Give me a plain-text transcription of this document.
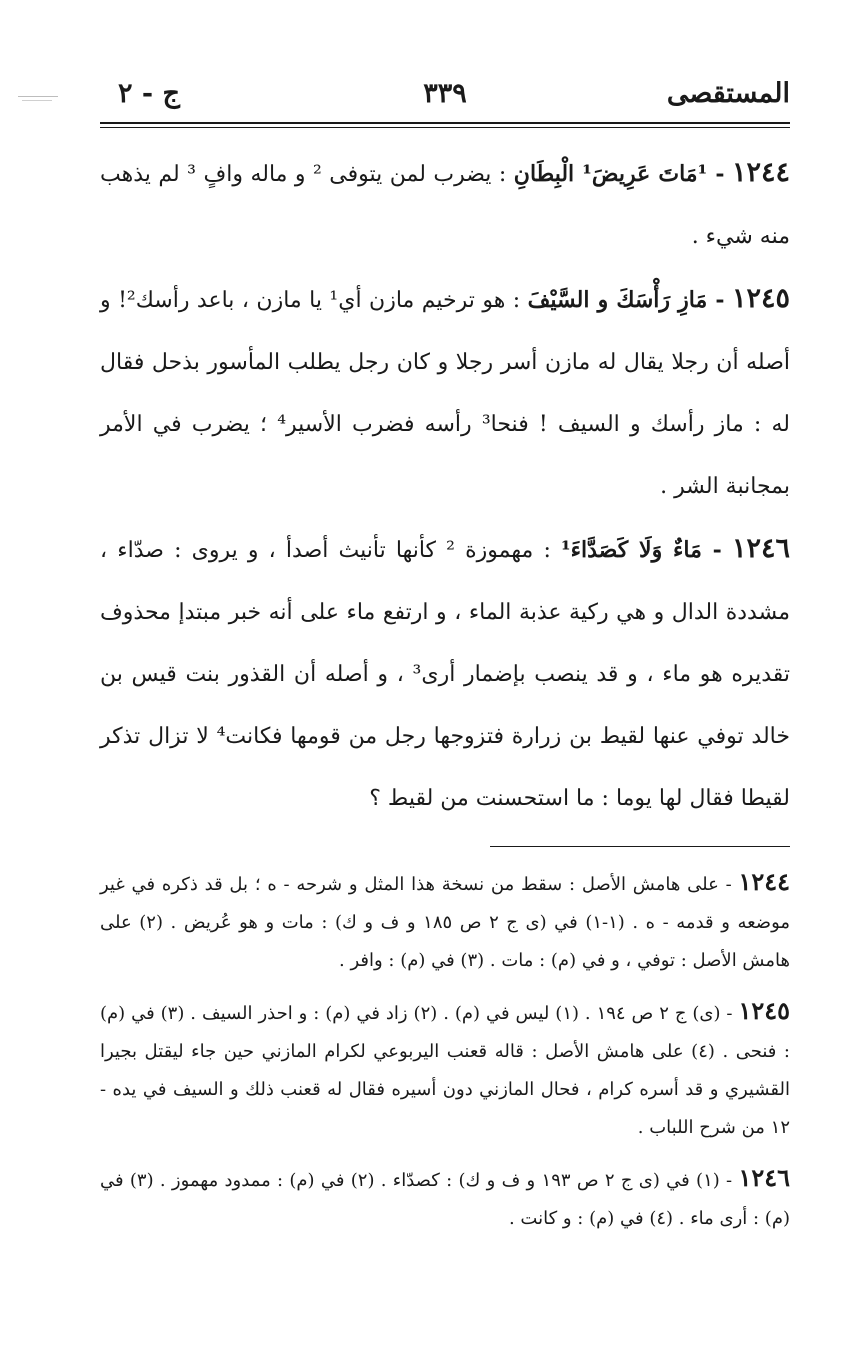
المستقصى
٣٣٩
ج - ٢

١٢٤٤ - ¹مَاتَ عَرِيضَ¹ الْبِطَانِ : يضرب لمن يتوفى ² و ماله وافٍ ³ لم يذهب منه شيء .

١٢٤٥ - مَازِ رَأْسَكَ و السَّيْفَ : هو ترخيم مازن أي¹ يا مازن ، باعد رأسك²! و أصله أن رجلا يقال له مازن أسر رجلا و كان رجل يطلب المأسور بذحل فقال له : ماز رأسك و السيف ! فنحا³ رأسه فضرب الأسير⁴ ؛ يضرب في الأمر بمجانبة الشر .

١٢٤٦ - مَاءٌ وَلَا كَصَدَّاءَ¹ : مهموزة ² كأنها تأنيث أصدأ ، و يروى : صدّاء ، مشددة الدال و هي ركية عذبة الماء ، و ارتفع ماء على أنه خبر مبتدإ محذوف تقديره هو ماء ، و قد ينصب بإضمار أرى³ ، و أصله أن القذور بنت قيس بن خالد توفي عنها لقيط بن زرارة فتزوجها رجل من قومها فكانت⁴ لا تزال تذكر لقيطا فقال لها يوما : ما استحسنت من لقيط ؟

١٢٤٤ - على هامش الأصل : سقط من نسخة هذا المثل و شرحه - ه ؛ بل قد ذكره في غير موضعه و قدمه - ه . (١-١) في (ى ج ٢ ص ١٨٥ و ف و ك) : مات و هو عُريض . (٢) على هامش الأصل : توفي ، و في (م) : مات . (٣) في (م) : وافر .

١٢٤٥ - (ى) ج ٢ ص ١٩٤ . (١) ليس في (م) . (٢) زاد في (م) : و احذر السيف . (٣) في (م) : فنحى . (٤) على هامش الأصل : قاله قعنب اليربوعي لكرام المازني حين جاء ليقتل بجيرا القشيري و قد أسره كرام ، فحال المازني دون أسيره فقال له قعنب ذلك و السيف في يده - ١٢ من شرح اللباب .

١٢٤٦ - (١) في (ى ج ٢ ص ١٩٣ و ف و ك) : كصدّاء . (٢) في (م) : ممدود مهموز . (٣) في (م) : أرى ماء . (٤) في (م) : و كانت .
